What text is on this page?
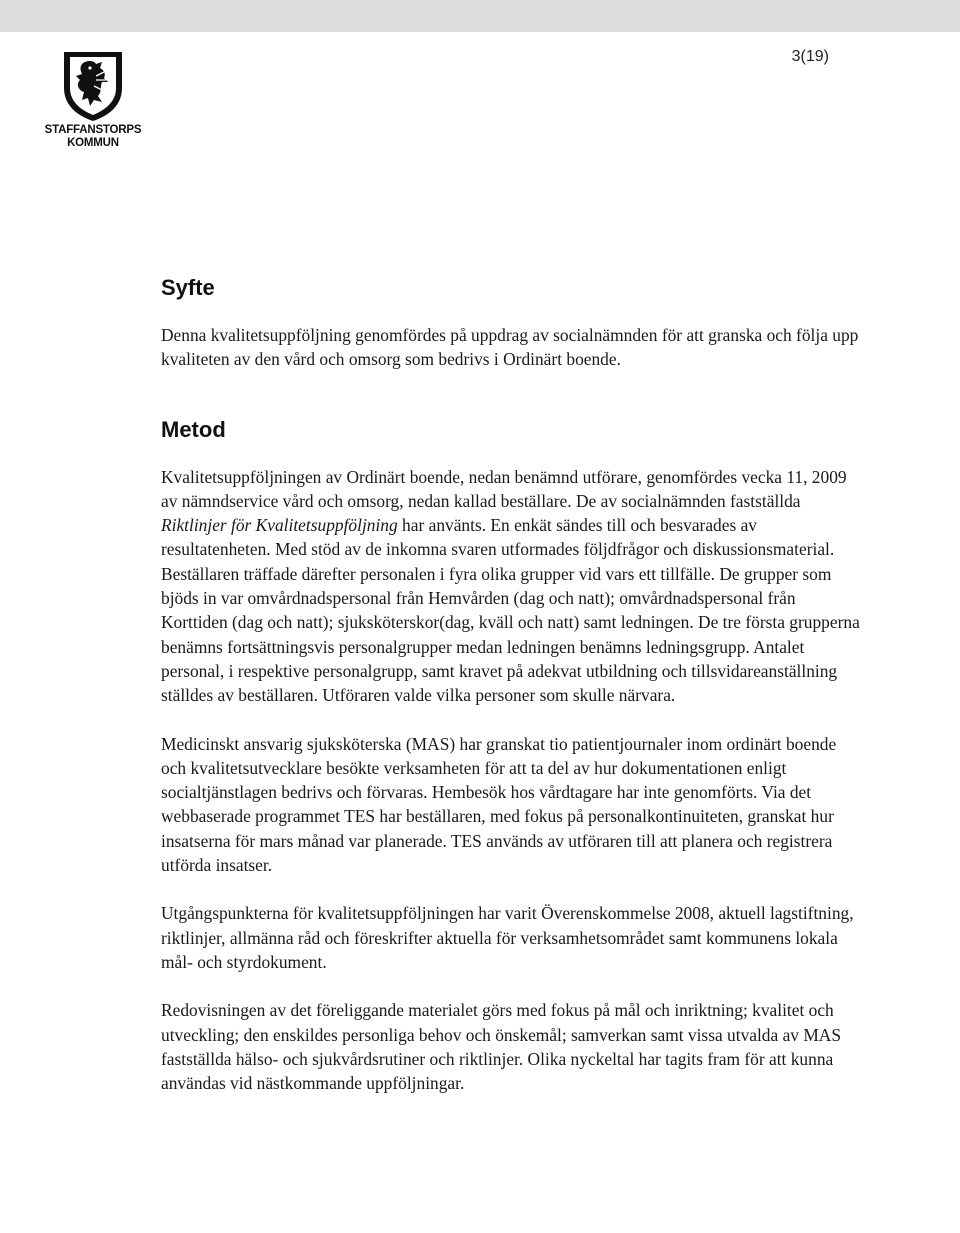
STAFFANSTORPS
KOMMUN
3(19)
Syfte

Denna kvalitetsuppföljning genomfördes på uppdrag av socialnämnden för att granska och följa upp kvaliteten av den vård och omsorg som bedrivs i Ordinärt boende.

Metod

Kvalitetsuppföljningen av Ordinärt boende, nedan benämnd utförare, genomfördes vecka 11, 2009 av nämndservice vård och omsorg, nedan kallad beställare. De av socialnämnden fastställda Riktlinjer för Kvalitetsuppföljning har använts. En enkät sändes till och besvarades av resultatenheten. Med stöd av de inkomna svaren utformades följdfrågor och diskussionsmaterial. Beställaren träffade därefter personalen i fyra olika grupper vid vars ett tillfälle. De grupper som bjöds in var omvårdnadspersonal från Hemvården (dag och natt); omvårdnadspersonal från Korttiden (dag och natt); sjuksköterskor(dag, kväll och natt) samt ledningen. De tre första grupperna benämns fortsättningsvis personalgrupper medan ledningen benämns ledningsgrupp. Antalet personal, i respektive personalgrupp, samt kravet på adekvat utbildning och tillsvidareanställning ställdes av beställaren. Utföraren valde vilka personer som skulle närvara.

Medicinskt ansvarig sjuksköterska (MAS) har granskat tio patientjournaler inom ordinärt boende och kvalitetsutvecklare besökte verksamheten för att ta del av hur dokumentationen enligt socialtjänstlagen bedrivs och förvaras. Hembesök hos vårdtagare har inte genomförts. Via det webbaserade programmet TES har beställaren, med fokus på personalkontinuiteten, granskat hur insatserna för mars månad var planerade. TES används av utföraren till att planera och registrera utförda insatser.

Utgångspunkterna för kvalitetsuppföljningen har varit Överenskommelse 2008, aktuell lagstiftning, riktlinjer, allmänna råd och föreskrifter aktuella för verksamhetsområdet samt kommunens lokala mål- och styrdokument.

Redovisningen av det föreliggande materialet görs med fokus på mål och inriktning; kvalitet och utveckling; den enskildes personliga behov och önskemål; samverkan samt vissa utvalda av MAS fastställda hälso- och sjukvårdsrutiner och riktlinjer. Olika nyckeltal har tagits fram för att kunna användas vid nästkommande uppföljningar.
